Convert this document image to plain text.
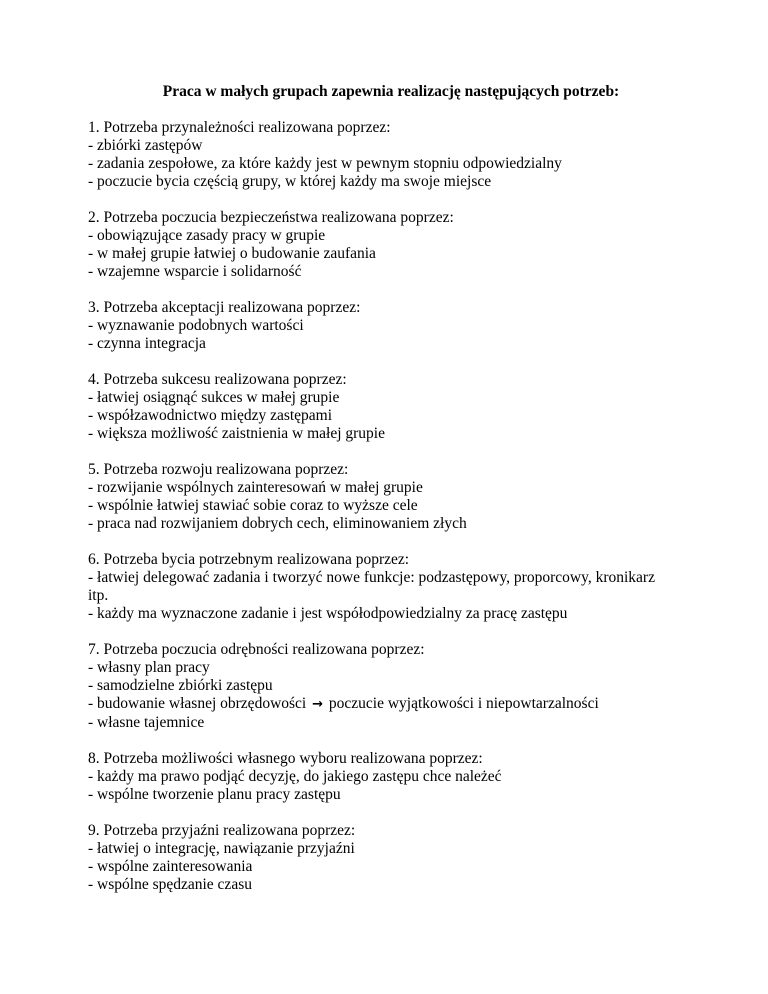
Praca w małych grupach zapewnia realizację następujących potrzeb:

1. Potrzeba przynależności realizowana poprzez:

- zbiórki zastępów

- zadania zespołowe, za które każdy jest w pewnym stopniu odpowiedzialny

- poczucie bycia częścią grupy, w której każdy ma swoje miejsce

2. Potrzeba poczucia bezpieczeństwa realizowana poprzez:

- obowiązujące zasady pracy w grupie

- w małej grupie łatwiej o budowanie zaufania

- wzajemne wsparcie i solidarność

3. Potrzeba akceptacji realizowana poprzez:

- wyznawanie podobnych wartości

- czynna integracja

4. Potrzeba sukcesu realizowana poprzez:

- łatwiej osiągnąć sukces w małej grupie

- współzawodnictwo między zastępami

- większa możliwość zaistnienia w małej grupie

5. Potrzeba rozwoju realizowana poprzez:

- rozwijanie wspólnych zainteresowań w małej grupie

- wspólnie łatwiej stawiać sobie coraz to wyższe cele

- praca nad rozwijaniem dobrych cech, eliminowaniem złych

6. Potrzeba bycia potrzebnym realizowana poprzez:

- łatwiej delegować zadania i tworzyć nowe funkcje: podzastępowy, proporcowy, kronikarz

itp.

- każdy ma wyznaczone zadanie i jest współodpowiedzialny za pracę zastępu

7. Potrzeba poczucia odrębności realizowana poprzez:

- własny plan pracy

- samodzielne zbiórki zastępu

- budowanie własnej obrzędowości → poczucie wyjątkowości i niepowtarzalności

- własne tajemnice

8. Potrzeba możliwości własnego wyboru realizowana poprzez:

- każdy ma prawo podjąć decyzję, do jakiego zastępu chce należeć

- wspólne tworzenie planu pracy zastępu

9. Potrzeba przyjaźni realizowana poprzez:

- łatwiej o integrację, nawiązanie przyjaźni

- wspólne zainteresowania

- wspólne spędzanie czasu
